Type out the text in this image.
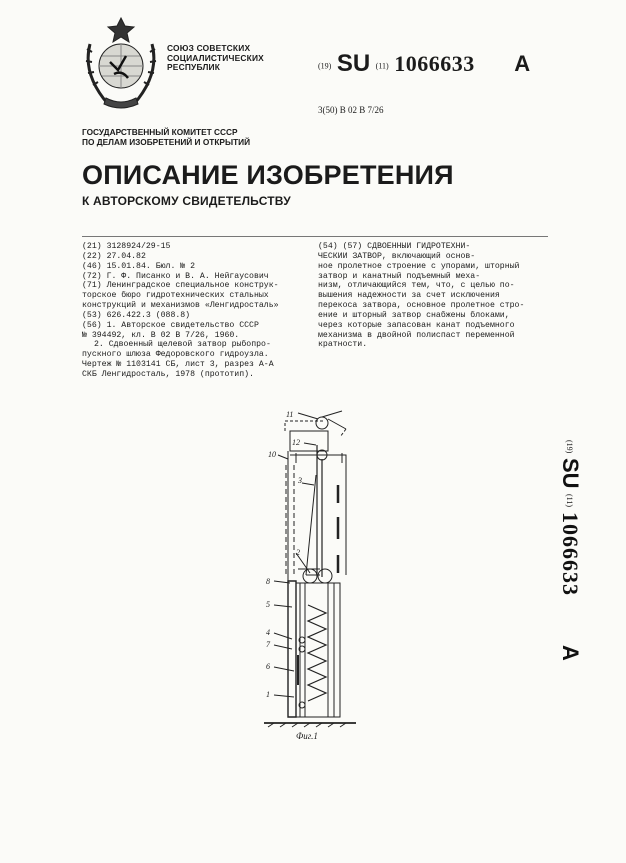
СОЮЗ СОВЕТСКИХ
СОЦИАЛИСТИЧЕСКИХ
РЕСПУБЛИК	(19) SU (11) 1066633 A
3(50) В 02 В 7/26
ГОСУДАРСТВЕННЫЙ КОМИТЕТ СССР
ПО ДЕЛАМ ИЗОБРЕТЕНИЙ И ОТКРЫТИЙ
ОПИСАНИЕ ИЗОБРЕТЕНИЯ
К АВТОРСКОМУ СВИДЕТЕЛЬСТВУ
(21) 3128924/29-15
(22) 27.04.82
(46) 15.01.84. Бюл. № 2
(72) Г. Ф. Писанко и В. А. Нейгаусович
(71) Ленинградское специальное конструк-
торское бюро гидротехнических стальных
конструкций и механизмов «Ленгидросталь»
(53) 626.422.3 (088.8)
(56) 1. Авторское свидетельство СССР
№ 394492, кл. В 02 В 7/26, 1960.
2. Сдвоенный щелевой затвор рыбопро-
пускного шлюза Федоровского гидроузла.
Чертеж № 1103141 СБ, лист 3, разрез А-А
СКБ Ленгидросталь, 1978 (прототип).
(54) (57) СДВОЕННЫЙ ГИДРОТЕХНИ-
ЧЕСКИЙ ЗАТВОР, включающий основ-
ное пролетное строение с упорами, шторный
затвор и канатный подъемный меха-
низм, отличающийся тем, что, с целью по-
вышения надежности за счет исключения
перекоса затвора, основное пролетное стро-
ение и шторный затвор снабжены блоками,
через которые запасован канат подъемного
механизма в двойной полиспаст переменной
кратности.
11
12
10
3
2
8
5
4
7
6
1
Фиг.1
(19)
SU
(11)
1066633
A
